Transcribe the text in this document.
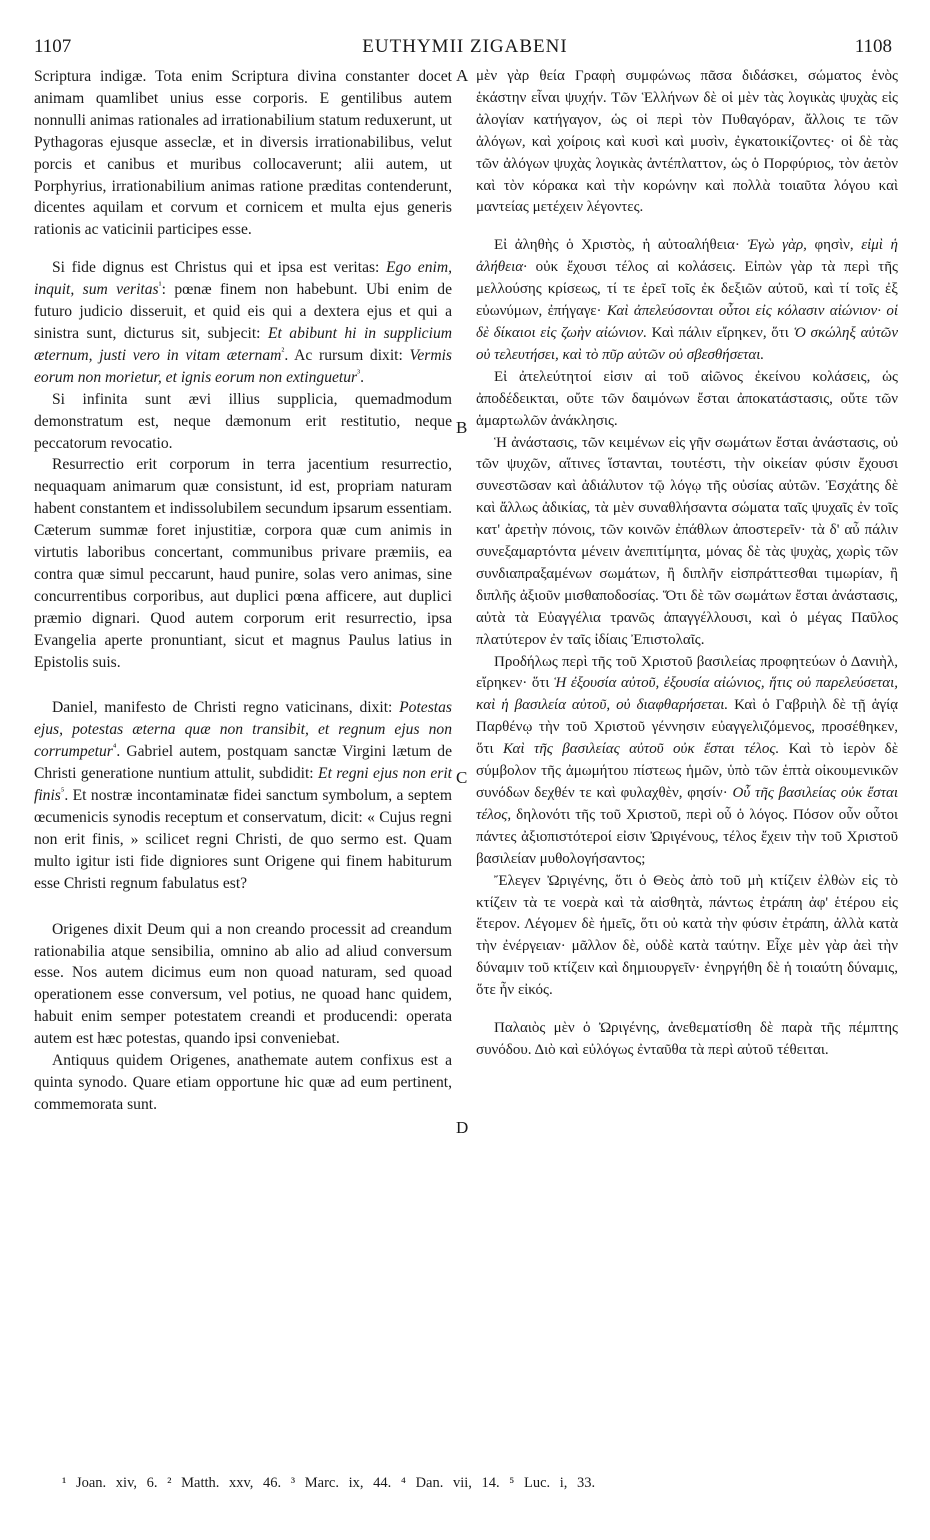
EUTHYMII ZIGABENI
1107	1108

Scriptura indigæ. Tota enim Scriptura divina constanter docet animam quamlibet unius esse corporis. E gentilibus autem nonnulli animas rationales ad irrationabilium statum reduxerunt, ut Pythagoras ejusque asseclæ, et in diversis irrationabilibus, velut porcis et canibus et muribus collocaverunt; alii autem, ut Porphyrius, irrationabilium animas ratione præditas contenderunt, dicentes aquilam et corvum et cornicem et multa ejus generis rationis ac vaticinii participes esse.

Si fide dignus est Christus qui et ipsa est veritas: Ego enim, inquit, sum veritas$^{^1}$: pœnæ finem non habebunt. Ubi enim de futuro judicio disseruit, et quid eis qui a dextera ejus et qui a sinistra sunt, dicturus sit, subjecit: Et abibunt hi in supplicium æternum, justi vero in vitam æternam$^{^2}$. Ac rursum dixit: Vermis eorum non morietur, et ignis eorum non extinguetur$^{^3}$.

Si infinita sunt ævi illius supplicia, quemadmodum demonstratum est, neque dæmonum erit restitutio, neque peccatorum revocatio.

Resurrectio erit corporum in terra jacentium resurrectio, nequaquam animarum quæ consistunt, id est, propriam naturam habent constantem et indissolubilem secundum ipsarum essentiam. Cæterum summæ foret injustitiæ, corpora quæ cum animis in virtutis laboribus concertant, communibus privare præmiis, ea contra quæ simul peccarunt, haud punire, solas vero animas, sine concurrentibus corporibus, aut duplici pœna afficere, aut duplici præmio dignari. Quod autem corporum erit resurrectio, ipsa Evangelia aperte pronuntiant, sicut et magnus Paulus latius in Epistolis suis.

Daniel, manifesto de Christi regno vaticinans, dixit: Potestas ejus, potestas æterna quæ non transibit, et regnum ejus non corrumpetur$^{^4}$. Gabriel autem, postquam sanctæ Virgini lætum de Christi generatione nuntium attulit, subdidit: Et regni ejus non erit finis$^{^5}$. Et nostræ incontaminatæ fidei sanctum symbolum, a septem œcumenicis synodis receptum et conservatum, dicit: « Cujus regni non erit finis, » scilicet regni Christi, de quo sermo est. Quam multo igitur isti fide digniores sunt Origene qui finem habiturum esse Christi regnum fabulatus est?

Origenes dixit Deum qui a non creando processit ad creandum rationabilia atque sensibilia, omnino ab alio ad aliud conversum esse. Nos autem dicimus eum non quoad naturam, sed quoad operationem esse conversum, vel potius, ne quoad hanc quidem, habuit enim semper potestatem creandi et producendi: operata autem est hæc potestas, quando ipsi conveniebat.

Antiquus quidem Origenes, anathemate autem confixus est a quinta synodo. Quare etiam opportune hic quæ ad eum pertinent, commemorata sunt.

A
B
C
D

μὲν γὰρ θεία Γραφὴ συμφώνως πᾶσα διδάσκει, σώματος ἑνὸς ἑκάστην εἶναι ψυχήν. Τῶν Ἑλλήνων δὲ οἱ μὲν τὰς λογικὰς ψυχὰς εἰς ἀλογίαν κατήγαγον, ὡς οἱ περὶ τὸν Πυθαγόραν, ἄλλοις τε τῶν ἀλόγων, καὶ χοίροις καὶ κυσὶ καὶ μυσὶν, ἐγκατοικίζοντες· οἱ δὲ τὰς τῶν ἀλόγων ψυχὰς λογικὰς ἀντέπλαττον, ὡς ὁ Πορφύριος, τὸν ἀετὸν καὶ τὸν κόρακα καὶ τὴν κορώνην καὶ πολλὰ τοιαῦτα λόγου καὶ μαντείας μετέχειν λέγοντες.

Εἰ ἀληθὴς ὁ Χριστὸς, ἡ αὐτοαλήθεια· Ἐγὼ γὰρ, φησὶν, εἰμὶ ἡ ἀλήθεια· οὐκ ἔχουσι τέλος αἱ κολάσεις. Εἰπὼν γὰρ τὰ περὶ τῆς μελλούσης κρίσεως, τί τε ἐρεῖ τοῖς ἐκ δεξιῶν αὐτοῦ, καὶ τί τοῖς ἐξ εὐωνύμων, ἐπήγαγε· Καὶ ἀπελεύσονται οὗτοι εἰς κόλασιν αἰώνιον· οἱ δὲ δίκαιοι εἰς ζωὴν αἰώνιον. Καὶ πάλιν εἴρηκεν, ὅτι Ὁ σκώληξ αὐτῶν οὐ τελευτήσει, καὶ τὸ πῦρ αὐτῶν οὐ σβεσθήσεται.

Εἰ ἀτελεύτητοί εἰσιν αἱ τοῦ αἰῶνος ἐκείνου κολάσεις, ὡς ἀποδέδεικται, οὔτε τῶν δαιμόνων ἔσται ἀποκατάστασις, οὔτε τῶν ἁμαρτωλῶν ἀνάκλησις.

Ἡ ἀνάστασις, τῶν κειμένων εἰς γῆν σωμάτων ἔσται ἀνάστασις, οὐ τῶν ψυχῶν, αἵτινες ἵστανται, τουτέστι, τὴν οἰκείαν φύσιν ἔχουσι συνεστῶσαν καὶ ἀδιάλυτον τῷ λόγῳ τῆς οὐσίας αὐτῶν. Ἐσχάτης δὲ καὶ ἄλλως ἀδικίας, τὰ μὲν συναθλήσαντα σώματα ταῖς ψυχαῖς ἐν τοῖς κατ' ἀρετὴν πόνοις, τῶν κοινῶν ἐπάθλων ἀποστερεῖν· τὰ δ' αὖ πάλιν συνεξαμαρτόντα μένειν ἀνεπιτίμητα, μόνας δὲ τὰς ψυχὰς, χωρὶς τῶν συνδιαπραξαμένων σωμάτων, ἢ διπλῆν εἰσπράττεσθαι τιμωρίαν, ἢ διπλῆς ἀξιοῦν μισθαποδοσίας. Ὅτι δὲ τῶν σωμάτων ἔσται ἀνάστασις, αὐτὰ τὰ Εὐαγγέλια τρανῶς ἀπαγγέλλουσι, καὶ ὁ μέγας Παῦλος πλατύτερον ἐν ταῖς ἰδίαις Ἐπιστολαῖς.

Προδήλως περὶ τῆς τοῦ Χριστοῦ βασιλείας προφητεύων ὁ Δανιὴλ, εἴρηκεν· ὅτι Ἡ ἐξουσία αὐτοῦ, ἐξουσία αἰώνιος, ἥτις οὐ παρελεύσεται, καὶ ἡ βασιλεία αὐτοῦ, οὐ διαφθαρήσεται. Καὶ ὁ Γαβριὴλ δὲ τῇ ἁγίᾳ Παρθένῳ τὴν τοῦ Χριστοῦ γέννησιν εὐαγγελιζόμενος, προσέθηκεν, ὅτι Καὶ τῆς βασιλείας αὐτοῦ οὐκ ἔσται τέλος. Καὶ τὸ ἱερὸν δὲ σύμβολον τῆς ἀμωμήτου πίστεως ἡμῶν, ὑπὸ τῶν ἑπτὰ οἰκουμενικῶν συνόδων δεχθέν τε καὶ φυλαχθὲν, φησίν· Οὗ τῆς βασιλείας οὐκ ἔσται τέλος, δηλονότι τῆς τοῦ Χριστοῦ, περὶ οὗ ὁ λόγος. Πόσον οὖν οὗτοι πάντες ἀξιοπιστότεροί εἰσιν Ὠριγένους, τέλος ἔχειν τὴν τοῦ Χριστοῦ βασιλείαν μυθολογήσαντος;

Ἔλεγεν Ὠριγένης, ὅτι ὁ Θεὸς ἀπὸ τοῦ μὴ κτίζειν ἐλθὼν εἰς τὸ κτίζειν τὰ τε νοερὰ καὶ τὰ αἰσθητὰ, πάντως ἐτράπη ἀφ' ἑτέρου εἰς ἕτερον. Λέγομεν δὲ ἡμεῖς, ὅτι οὐ κατὰ τὴν φύσιν ἐτράπη, ἀλλὰ κατὰ τὴν ἐνέργειαν· μᾶλλον δὲ, οὐδὲ κατὰ ταύτην. Εἶχε μὲν γὰρ ἀεὶ τὴν δύναμιν τοῦ κτίζειν καὶ δημιουργεῖν· ἐνηργήθη δὲ ἡ τοιαύτη δύναμις, ὅτε ἦν εἰκός.

Παλαιὸς μὲν ὁ Ὠριγένης, ἀνεθεματίσθη δὲ παρὰ τῆς πέμπτης συνόδου. Διὸ καὶ εὐλόγως ἐνταῦθα τὰ περὶ αὐτοῦ τέθειται.

¹ Joan. xiv, 6. ² Matth. xxv, 46. ³ Marc. ix, 44. ⁴ Dan. vii, 14. ⁵ Luc. i, 33.
